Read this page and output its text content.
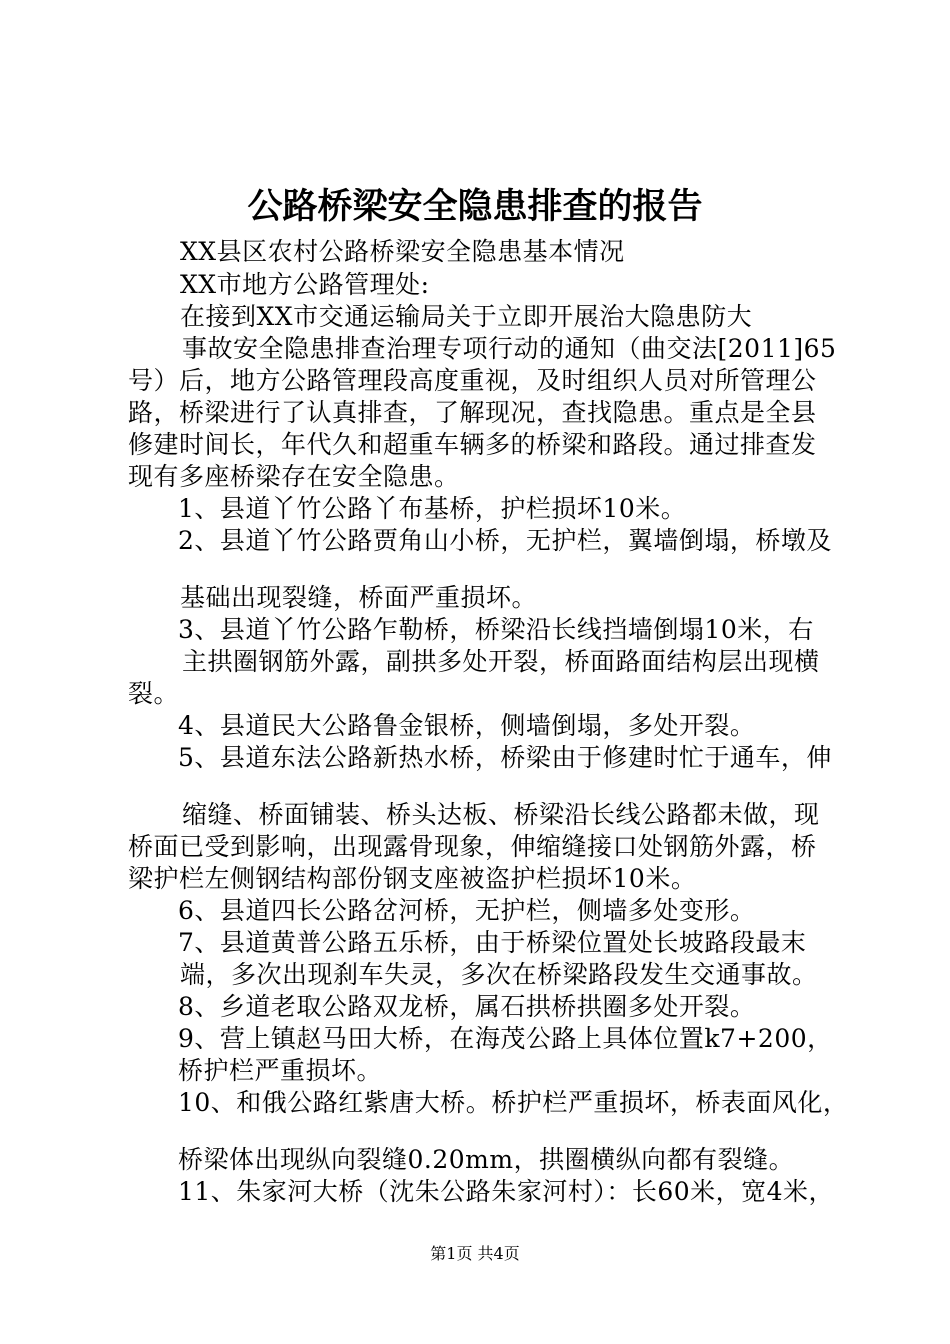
公路桥梁安全隐患排查的报告
XX县区农村公路桥梁安全隐患基本情况
XX市地方公路管理处:
在接到XX市交通运输局关于立即开展治大隐患防大
事故安全隐患排查治理专项行动的通知（曲交法[2011]65
号）后，地方公路管理段高度重视，及时组织人员对所管理公
路，桥梁进行了认真排查，了解现况，查找隐患。重点是全县
修建时间长，年代久和超重车辆多的桥梁和路段。通过排查发
现有多座桥梁存在安全隐患。
1、县道丫竹公路丫布基桥，护栏损坏10米。
2、县道丫竹公路贾角山小桥，无护栏，翼墙倒塌，桥墩及
基础出现裂缝，桥面严重损坏。
3、县道丫竹公路乍勒桥，桥梁沿长线挡墙倒塌10米，右
主拱圈钢筋外露，副拱多处开裂，桥面路面结构层出现横
裂。
4、县道民大公路鲁金银桥，侧墙倒塌，多处开裂。
5、县道东法公路新热水桥，桥梁由于修建时忙于通车，伸
缩缝、桥面铺装、桥头达板、桥梁沿长线公路都未做，现
桥面已受到影响，出现露骨现象，伸缩缝接口处钢筋外露，桥
梁护栏左侧钢结构部份钢支座被盗护栏损坏10米。
6、县道四长公路岔河桥，无护栏，侧墙多处变形。
7、县道黄普公路五乐桥，由于桥梁位置处长坡路段最末
端，多次出现刹车失灵，多次在桥梁路段发生交通事故。
8、乡道老取公路双龙桥，属石拱桥拱圈多处开裂。
9、营上镇赵马田大桥，在海茂公路上具体位置k7+200，
桥护栏严重损坏。
10、和俄公路红紫唐大桥。桥护栏严重损坏，桥表面风化，
桥梁体出现纵向裂缝0.20mm，拱圈横纵向都有裂缝。
11、朱家河大桥（沈朱公路朱家河村）：长60米，宽4米，
第1页 共4页
